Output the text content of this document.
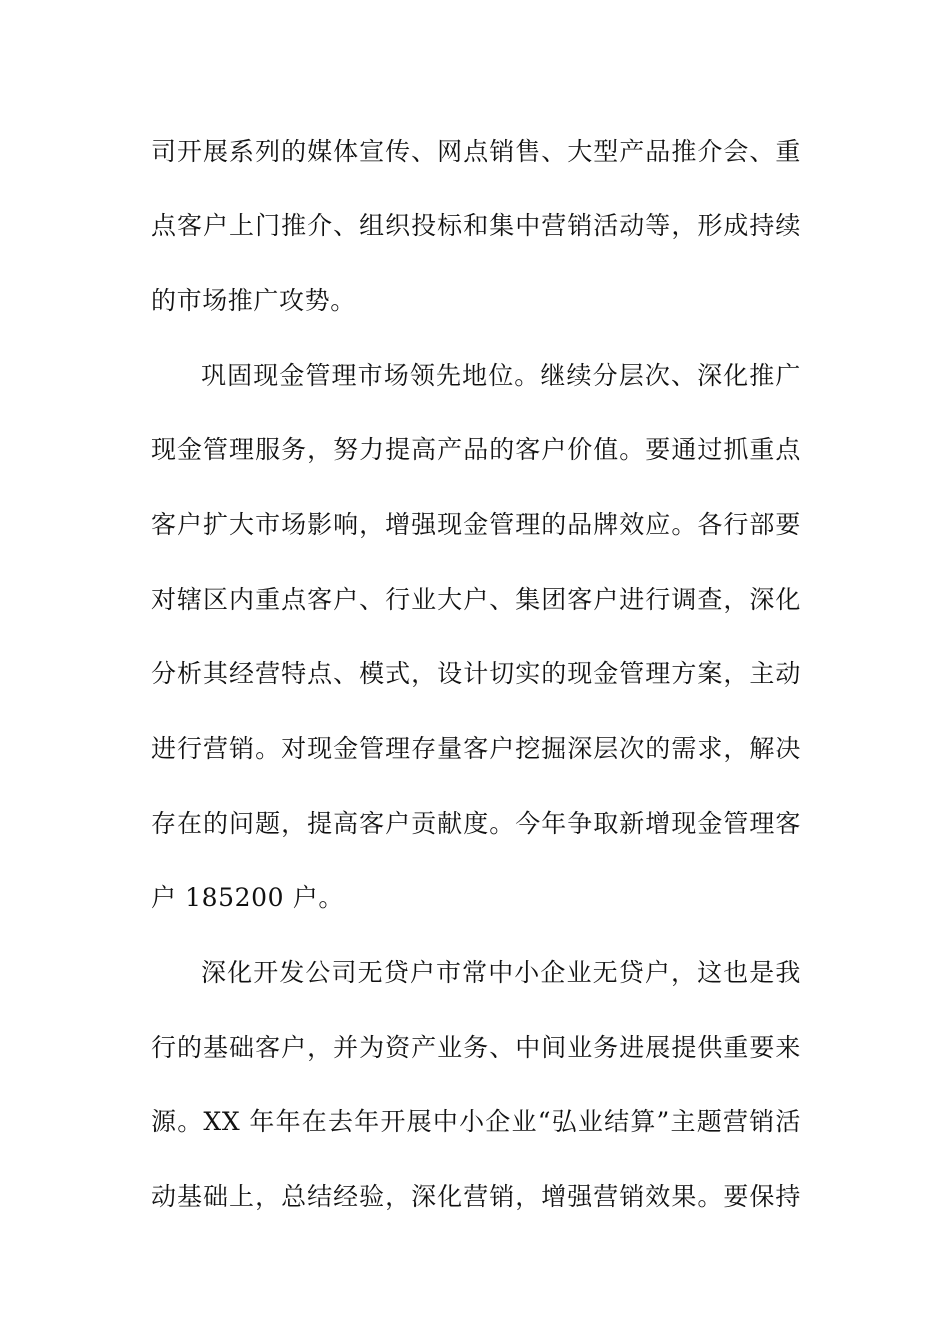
司开展系列的媒体宣传、网点销售、大型产品推介会、重
点客户上门推介、组织投标和集中营销活动等，形成持续
的市场推广攻势。
巩固现金管理市场领先地位。继续分层次、深化推广
现金管理服务，努力提高产品的客户价值。要通过抓重点
客户扩大市场影响，增强现金管理的品牌效应。各行部要
对辖区内重点客户、行业大户、集团客户进行调查，深化
分析其经营特点、模式，设计切实的现金管理方案，主动
进行营销。对现金管理存量客户挖掘深层次的需求，解决
存在的问题，提高客户贡献度。今年争取新增现金管理客
户 185200 户。
深化开发公司无贷户市常中小企业无贷户，这也是我
行的基础客户，并为资产业务、中间业务进展提供重要来
源。XX 年年在去年开展中小企业“弘业结算”主题营销活
动基础上，总结经验，深化营销，增强营销效果。要保持
